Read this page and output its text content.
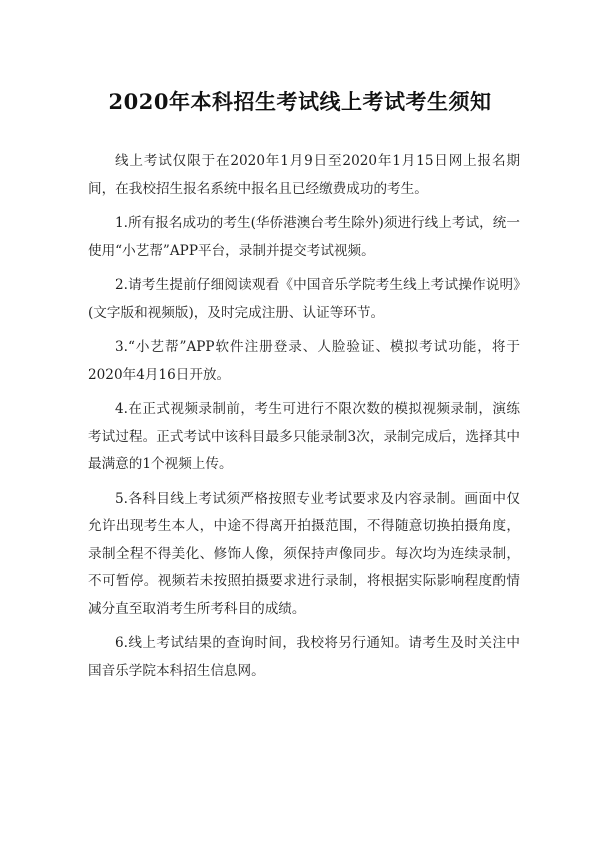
2020年本科招生考试线上考试考生须知

线上考试仅限于在2020年1月9日至2020年1月15日网上报名期间，在我校招生报名系统中报名且已经缴费成功的考生。

1.所有报名成功的考生(华侨港澳台考生除外)须进行线上考试，统一使用“小艺帮”APP平台，录制并提交考试视频。

2.请考生提前仔细阅读观看《中国音乐学院考生线上考试操作说明》(文字版和视频版)，及时完成注册、认证等环节。

3.“小艺帮”APP软件注册登录、人脸验证、模拟考试功能，将于2020年4月16日开放。

4.在正式视频录制前，考生可进行不限次数的模拟视频录制，演练考试过程。正式考试中该科目最多只能录制3次，录制完成后，选择其中最满意的1个视频上传。

5.各科目线上考试须严格按照专业考试要求及内容录制。画面中仅允许出现考生本人，中途不得离开拍摄范围，不得随意切换拍摄角度，录制全程不得美化、修饰人像，须保持声像同步。每次均为连续录制，不可暂停。视频若未按照拍摄要求进行录制，将根据实际影响程度酌情减分直至取消考生所考科目的成绩。

6.线上考试结果的查询时间，我校将另行通知。请考生及时关注中国音乐学院本科招生信息网。
